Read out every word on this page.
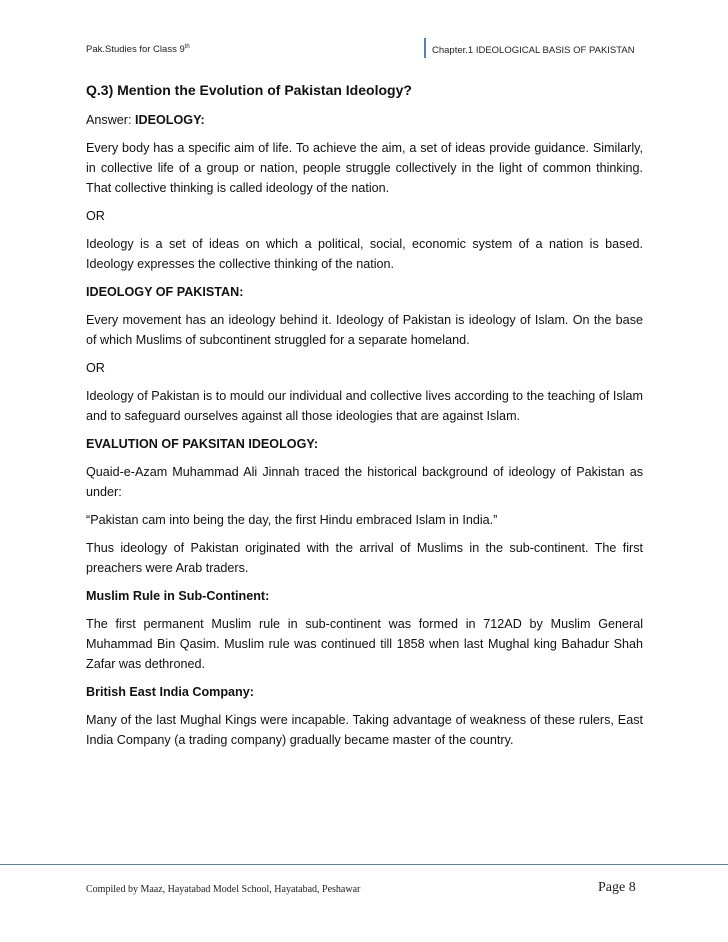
Pak.Studies for Class 9th	Chapter.1 IDEOLOGICAL BASIS OF PAKISTAN

Q.3) Mention the Evolution of Pakistan Ideology?

Answer: IDEOLOGY:

Every body has a specific aim of life. To achieve the aim, a set of ideas provide guidance. Similarly, in collective life of a group or nation, people struggle collectively in the light of common thinking. That collective thinking is called ideology of the nation.

OR

Ideology is a set of ideas on which a political, social, economic system of a nation is based. Ideology expresses the collective thinking of the nation.

IDEOLOGY OF PAKISTAN:

Every movement has an ideology behind it. Ideology of Pakistan is ideology of Islam. On the base of which Muslims of subcontinent struggled for a separate homeland.

OR

Ideology of Pakistan is to mould our individual and collective lives according to the teaching of Islam and to safeguard ourselves against all those ideologies that are against Islam.

EVALUTION OF PAKSITAN IDEOLOGY:

Quaid-e-Azam Muhammad Ali Jinnah traced the historical background of ideology of Pakistan as under:

“Pakistan cam into being the day, the first Hindu embraced Islam in India.”

Thus ideology of Pakistan originated with the arrival of Muslims in the sub-continent. The first preachers were Arab traders.

Muslim Rule in Sub-Continent:

The first permanent Muslim rule in sub-continent was formed in 712AD by Muslim General Muhammad Bin Qasim. Muslim rule was continued till 1858 when last Mughal king Bahadur Shah Zafar was dethroned.

British East India Company:

Many of the last Mughal Kings were incapable. Taking advantage of weakness of these rulers, East India Company (a trading company) gradually became master of the country.

Compiled by Maaz, Hayatabad Model School, Hayatabad, Peshawar	Page 8
